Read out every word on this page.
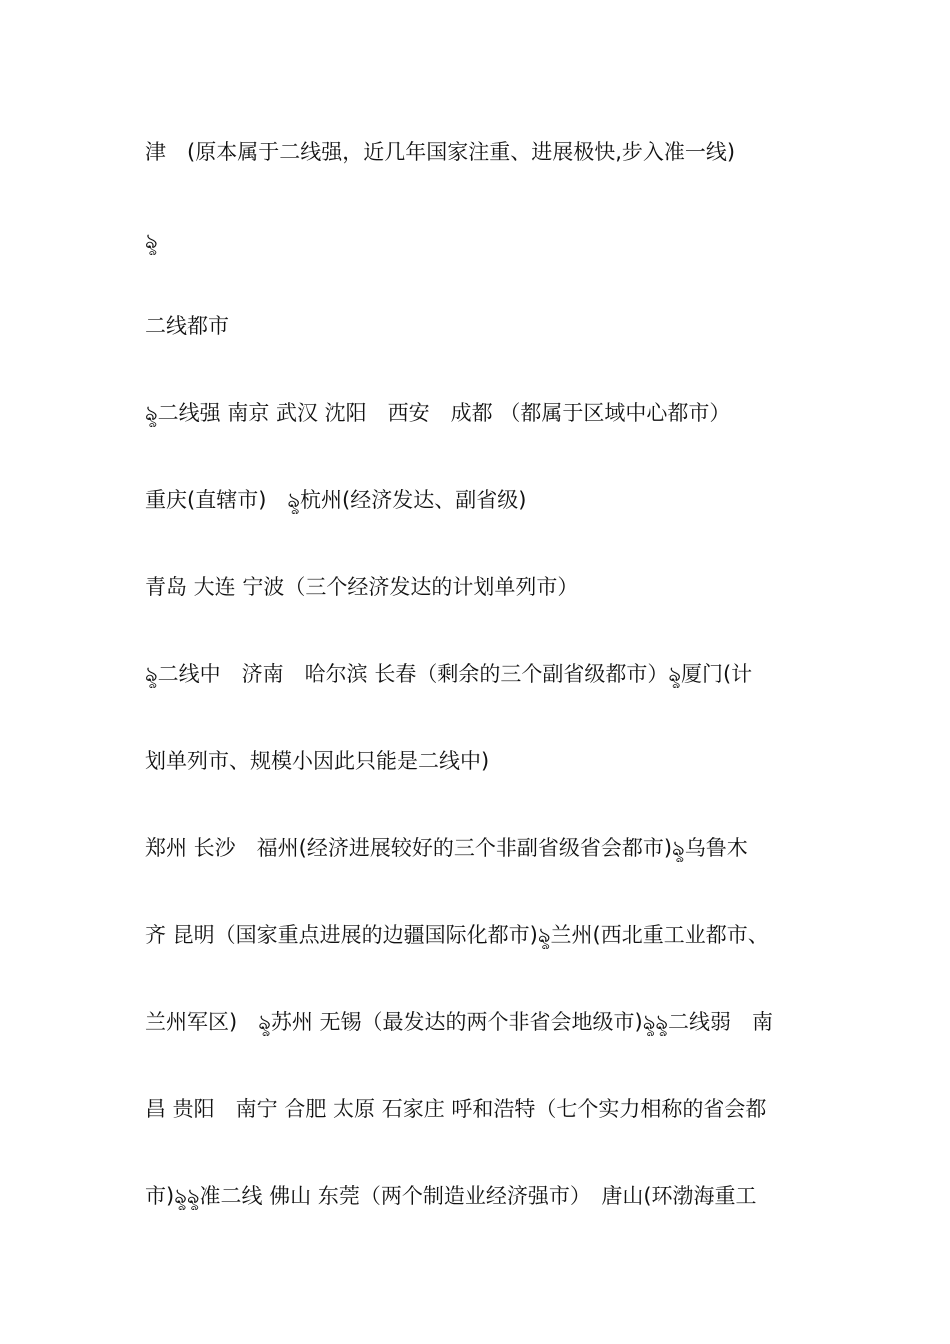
津　(原本属于二线强，近几年国家注重、进展极快,步入准一线)
ৡ
二线都市
ৡ二线强 南京 武汉 沈阳　西安　成都 （都属于区域中心都市）
重庆(直辖市)　ৡ杭州(经济发达、副省级)
青岛 大连 宁波（三个经济发达的计划单列市）
ৡ二线中　济南　哈尔滨 长春（剩余的三个副省级都市）ৡ厦门(计
划单列市、规模小因此只能是二线中)
郑州 长沙　福州(经济进展较好的三个非副省级省会都市)ৡ乌鲁木
齐 昆明（国家重点进展的边疆国际化都市)ৡ兰州(西北重工业都市、
兰州军区)　ৡ苏州 无锡（最发达的两个非省会地级市)ৡৡ二线弱　南
昌 贵阳　南宁 合肥 太原 石家庄 呼和浩特（七个实力相称的省会都
市)ৡৡ准二线 佛山 东莞（两个制造业经济强市）　唐山(环渤海重工
